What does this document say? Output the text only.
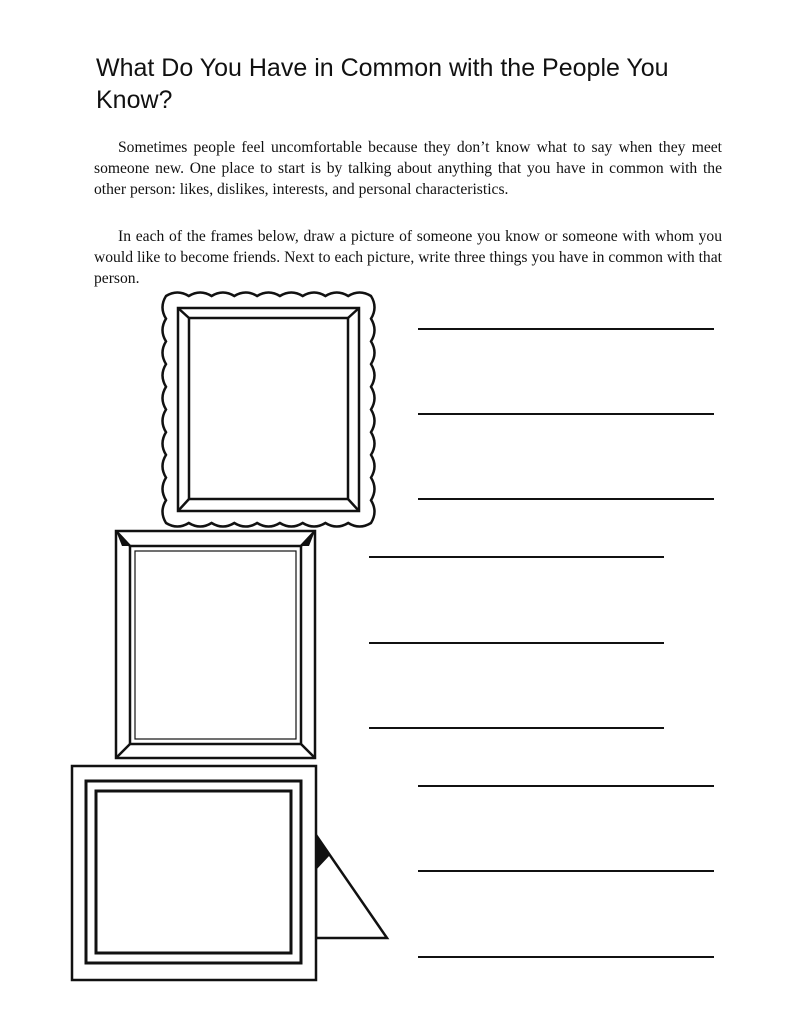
What Do You Have in Common with the People You Know?

Sometimes people feel uncomfortable because they don’t know what to say when they meet someone new. One place to start is by talking about anything that you have in common with the other person: likes, dislikes, interests, and personal characteristics.

In each of the frames below, draw a picture of someone you know or someone with whom you would like to become friends. Next to each picture, write three things you have in common with that person.
